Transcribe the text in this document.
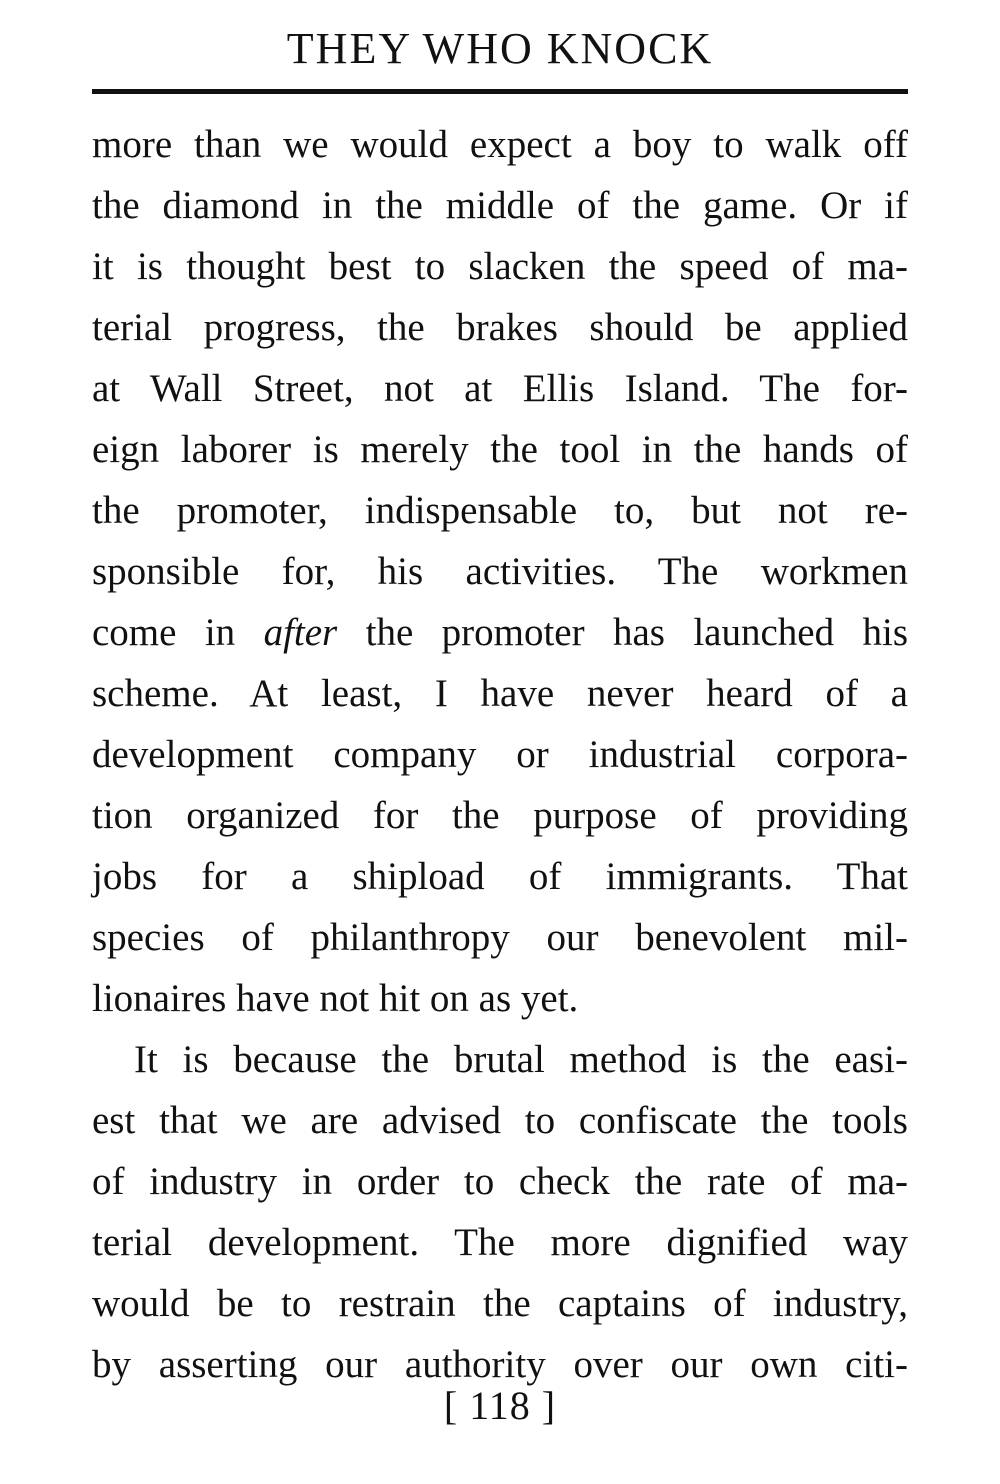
THEY WHO KNOCK
more than we would expect a boy to walk off
the diamond in the middle of the game. Or if
it is thought best to slacken the speed of ma-
terial progress, the brakes should be applied
at Wall Street, not at Ellis Island. The for-
eign laborer is merely the tool in the hands of
the promoter, indispensable to, but not re-
sponsible for, his activities. The workmen
come in after the promoter has launched his
scheme. At least, I have never heard of a
development company or industrial corpora-
tion organized for the purpose of providing
jobs for a shipload of immigrants. That
species of philanthropy our benevolent mil-
lionaires have not hit on as yet.
It is because the brutal method is the easi-
est that we are advised to confiscate the tools
of industry in order to check the rate of ma-
terial development. The more dignified way
would be to restrain the captains of industry,
by asserting our authority over our own citi-
[ 118 ]
